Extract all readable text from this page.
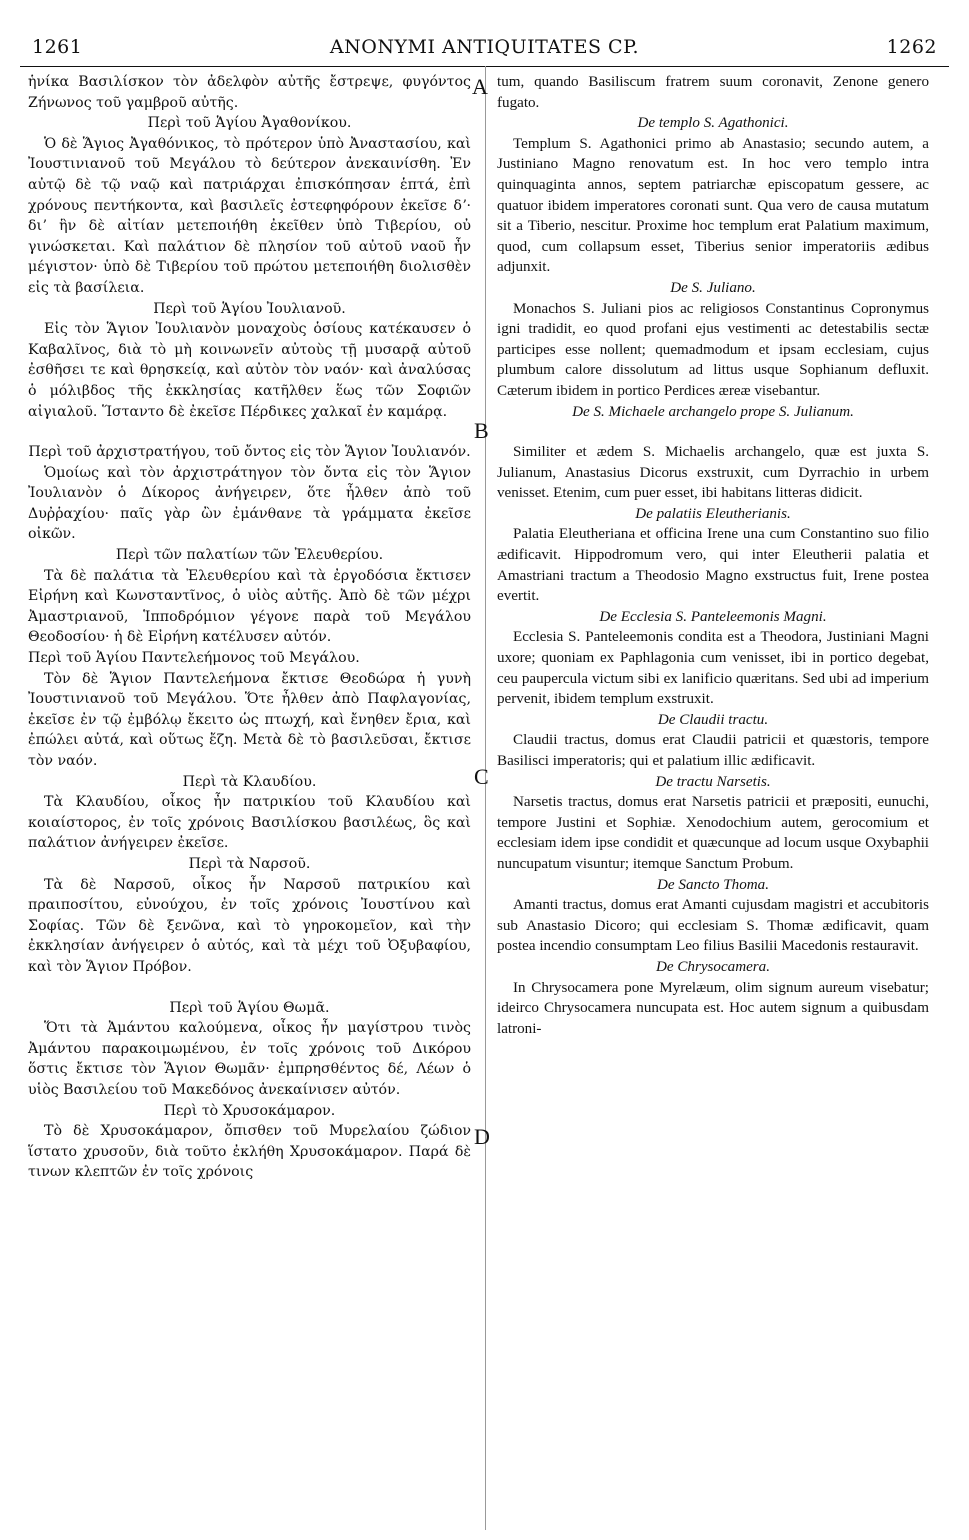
1261	ANONYMI ANTIQUITATES CP.	1262

ἡνίκα Βασιλίσκον τὸν ἀδελφὸν αὐτῆς ἔστρεψε, φυγόντος Ζήνωνος τοῦ γαμβροῦ αὐτῆς.

Περὶ τοῦ Ἁγίου Ἀγαθονίκου.

Ὁ δὲ Ἅγιος Ἀγαθόνικος, τὸ πρότερον ὑπὸ Ἀναστασίου, καὶ Ἰουστινιανοῦ τοῦ Μεγάλου τὸ δεύτερον ἀνεκαινίσθη. Ἐν αὐτῷ δὲ τῷ ναῷ καὶ πατριάρχαι ἐπισκόπησαν ἑπτά, ἐπὶ χρόνους πεντήκοντα, καὶ βασιλεῖς ἐστεφηφόρουν ἐκεῖσε δʼ· διʼ ἣν δὲ αἰτίαν μετεποιήθη ἐκεῖθεν ὑπὸ Τιβερίου, οὐ γινώσκεται. Καὶ παλάτιον δὲ πλησίον τοῦ αὐτοῦ ναοῦ ἦν μέγιστον· ὑπὸ δὲ Τιβερίου τοῦ πρώτου μετεποιήθη διολισθὲν εἰς τὰ βασίλεια.

Περὶ τοῦ Ἁγίου Ἰουλιανοῦ.

Εἰς τὸν Ἅγιον Ἰουλιανὸν μοναχοὺς ὁσίους κατέκαυσεν ὁ Καβαλῖνος, διὰ τὸ μὴ κοινωνεῖν αὐτοὺς τῇ μυσαρᾷ αὐτοῦ ἐσθῆσει τε καὶ θρησκείᾳ, καὶ αὐτὸν τὸν ναόν· καὶ ἀναλύσας ὁ μόλιβδος τῆς ἐκκλησίας κατῆλθεν ἕως τῶν Σοφιῶν αἰγιαλοῦ. Ἵσταντο δὲ ἐκεῖσε Πέρδικες χαλκαῖ ἐν καμάρᾳ.

Περὶ τοῦ ἀρχιστρατήγου, τοῦ ὄντος εἰς τὸν Ἅγιον Ἰουλιανόν.

Ὁμοίως καὶ τὸν ἀρχιστράτηγον τὸν ὄντα εἰς τὸν Ἅγιον Ἰουλιανὸν ὁ Δίκορος ἀνήγειρεν, ὅτε ἦλθεν ἀπὸ τοῦ Δυῤῥαχίου· παῖς γὰρ ὢν ἐμάνθανε τὰ γράμματα ἐκεῖσε οἰκῶν.

Περὶ τῶν παλατίων τῶν Ἐλευθερίου.

Τὰ δὲ παλάτια τὰ Ἐλευθερίου καὶ τὰ ἐργοδόσια ἔκτισεν Εἰρήνη καὶ Κωνσταντῖνος, ὁ υἱὸς αὐτῆς. Ἀπὸ δὲ τῶν μέχρι Ἀμαστριανοῦ, Ἱπποδρόμιον γέγονε παρὰ τοῦ Μεγάλου Θεοδοσίου· ἡ δὲ Εἰρήνη κατέλυσεν αὐτόν.

Περὶ τοῦ Ἁγίου Παντελεήμονος τοῦ Μεγάλου.

Τὸν δὲ Ἅγιον Παντελεήμονα ἔκτισε Θεοδώρα ἡ γυνὴ Ἰουστινιανοῦ τοῦ Μεγάλου. Ὅτε ἦλθεν ἀπὸ Παφλαγονίας, ἐκεῖσε ἐν τῷ ἐμβόλῳ ἔκειτο ὡς πτωχή, καὶ ἔνηθεν ἔρια, καὶ ἐπώλει αὐτά, καὶ οὕτως ἔζη. Μετὰ δὲ τὸ βασιλεῦσαι, ἔκτισε τὸν ναόν.

Περὶ τὰ Κλαυδίου.

Τὰ Κλαυδίου, οἶκος ἦν πατρικίου τοῦ Κλαυδίου καὶ κοιαίστορος, ἐν τοῖς χρόνοις Βασιλίσκου βασιλέως, ὃς καὶ παλάτιον ἀνήγειρεν ἐκεῖσε.

Περὶ τὰ Ναρσοῦ.

Τὰ δὲ Ναρσοῦ, οἶκος ἦν Ναρσοῦ πατρικίου καὶ πραιποσίτου, εὐνούχου, ἐν τοῖς χρόνοις Ἰουστίνου καὶ Σοφίας. Τῶν δὲ ξενῶνα, καὶ τὸ γηροκομεῖον, καὶ τὴν ἐκκλησίαν ἀνήγειρεν ὁ αὐτός, καὶ τὰ μέχι τοῦ Ὀξυβαφίου, καὶ τὸν Ἅγιον Πρόβον.

Περὶ τοῦ Ἁγίου Θωμᾶ.

Ὅτι τὰ Ἀμάντου καλούμενα, οἶκος ἦν μαγίστρου τινὸς Ἀμάντου παρακοιμωμένου, ἐν τοῖς χρόνοις τοῦ Δικόρου ὅστις ἔκτισε τὸν Ἅγιον Θωμᾶν· ἐμπρησθέντος δέ, Λέων ὁ υἱὸς Βασιλείου τοῦ Μακεδόνος ἀνεκαίνισεν αὐτόν.

Περὶ τὸ Χρυσοκάμαρον.

Τὸ δὲ Χρυσοκάμαρον, ὄπισθεν τοῦ Μυρελαίου ζώδιον ἵστατο χρυσοῦν, διὰ τοῦτο ἐκλήθη Χρυσοκάμαρον. Παρά δὲ τινων κλεπτῶν ἐν τοῖς χρόνοις

tum, quando Basiliscum fratrem suum coronavit, Zenone genero fugato.

De templo S. Agathonici.

Templum S. Agathonici primo ab Anastasio; secundo autem, a Justiniano Magno renovatum est. In hoc vero templo intra quinquaginta annos, septem patriarchæ episcopatum gessere, ac quatuor ibidem imperatores coronati sunt. Qua vero de causa mutatum sit a Tiberio, nescitur. Proxime hoc templum erat Palatium maximum, quod, cum collapsum esset, Tiberius senior imperatoriis ædibus adjunxit.

De S. Juliano.

Monachos S. Juliani pios ac religiosos Constantinus Copronymus igni tradidit, eo quod profani ejus vestimenti ac detestabilis sectæ participes esse nollent; quemadmodum et ipsam ecclesiam, cujus plumbum calore dissolutum ad littus usque Sophianum defluxit. Cæterum ibidem in portico Perdices æreæ visebantur.

De S. Michaele archangelo prope S. Julianum.

Similiter et ædem S. Michaelis archangelo, quæ est juxta S. Julianum, Anastasius Dicorus exstruxit, cum Dyrrachio in urbem venisset. Etenim, cum puer esset, ibi habitans litteras didicit.

De palatiis Eleutherianis.

Palatia Eleutheriana et officina Irene una cum Constantino suo filio ædificavit. Hippodromum vero, qui inter Eleutherii palatia et Amastriani tractum a Theodosio Magno exstructus fuit, Irene postea evertit.

De Ecclesia S. Panteleemonis Magni.

Ecclesia S. Panteleemonis condita est a Theodora, Justiniani Magni uxore; quoniam ex Paphlagonia cum venisset, ibi in portico degebat, ceu paupercula victum sibi ex lanificio quæritans. Sed ubi ad imperium pervenit, ibidem templum exstruxit.

De Claudii tractu.

Claudii tractus, domus erat Claudii patricii et quæstoris, tempore Basilisci imperatoris; qui et palatium illic ædificavit.

De tractu Narsetis.

Narsetis tractus, domus erat Narsetis patricii et præpositi, eunuchi, tempore Justini et Sophiæ. Xenodochium autem, gerocomium et ecclesiam idem ipse condidit et quæcunque ad locum usque Oxybaphii nuncupatum visuntur; itemque Sanctum Probum.

De Sancto Thoma.

Amanti tractus, domus erat Amanti cujusdam magistri et accubitoris sub Anastasio Dicoro; qui ecclesiam S. Thomæ ædificavit, quam postea incendio consumptam Leo filius Basilii Macedonis restauravit.

De Chrysocamera.

In Chrysocamera pone Myrelæum, olim signum aureum visebatur; ideirco Chrysocamera nuncupata est. Hoc autem signum a quibusdam latroni-

A
B
C
D
